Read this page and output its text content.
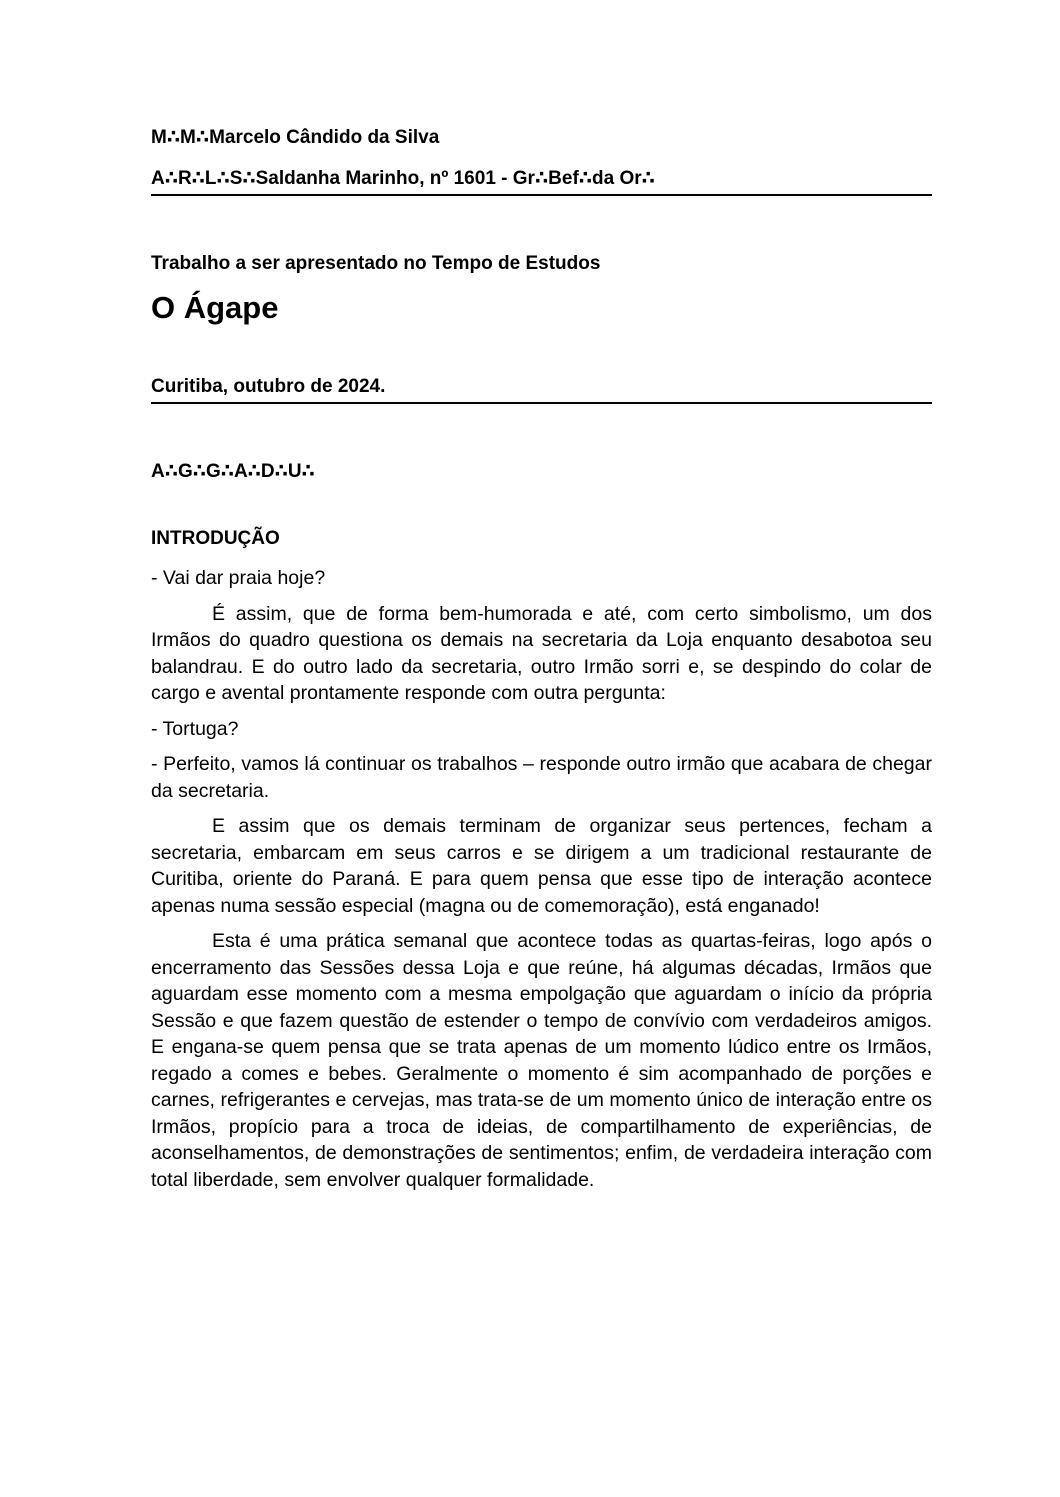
M∴M∴Marcelo Cândido da Silva

A∴R∴L∴S∴Saldanha Marinho, nº 1601 - Gr∴Bef∴da Or∴

Trabalho a ser apresentado no Tempo de Estudos

O Ágape

Curitiba, outubro de 2024.

A∴G∴G∴A∴D∴U∴

INTRODUÇÃO

- Vai dar praia hoje?

É assim, que de forma bem-humorada e até, com certo simbolismo, um dos Irmãos do quadro questiona os demais na secretaria da Loja enquanto desabotoa seu balandrau. E do outro lado da secretaria, outro Irmão sorri e, se despindo do colar de cargo e avental prontamente responde com outra pergunta:

- Tortuga?

- Perfeito, vamos lá continuar os trabalhos – responde outro irmão que acabara de chegar da secretaria.

E assim que os demais terminam de organizar seus pertences, fecham a secretaria, embarcam em seus carros e se dirigem a um tradicional restaurante de Curitiba, oriente do Paraná. E para quem pensa que esse tipo de interação acontece apenas numa sessão especial (magna ou de comemoração), está enganado!

Esta é uma prática semanal que acontece todas as quartas-feiras, logo após o encerramento das Sessões dessa Loja e que reúne, há algumas décadas, Irmãos que aguardam esse momento com a mesma empolgação que aguardam o início da própria Sessão e que fazem questão de estender o tempo de convívio com verdadeiros amigos. E engana-se quem pensa que se trata apenas de um momento lúdico entre os Irmãos, regado a comes e bebes. Geralmente o momento é sim acompanhado de porções e carnes, refrigerantes e cervejas, mas trata-se de um momento único de interação entre os Irmãos, propício para a troca de ideias, de compartilhamento de experiências, de aconselhamentos, de demonstrações de sentimentos; enfim, de verdadeira interação com total liberdade, sem envolver qualquer formalidade.
